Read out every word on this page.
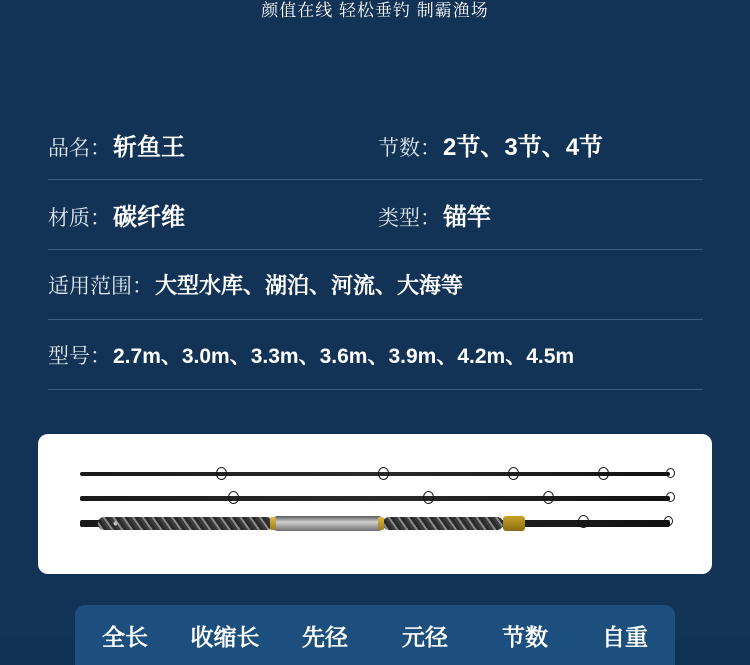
颜值在线 轻松垂钓 制霸渔场
品名： 斩鱼王	节数： 2节、3节、4节
材质： 碳纤维	类型： 锚竿
适用范围： 大型水库、湖泊、河流、大海等
型号： 2.7m、3.0m、3.3m、3.6m、3.9m、4.2m、4.5m
全长	收缩长	先径	元径	节数	自重
